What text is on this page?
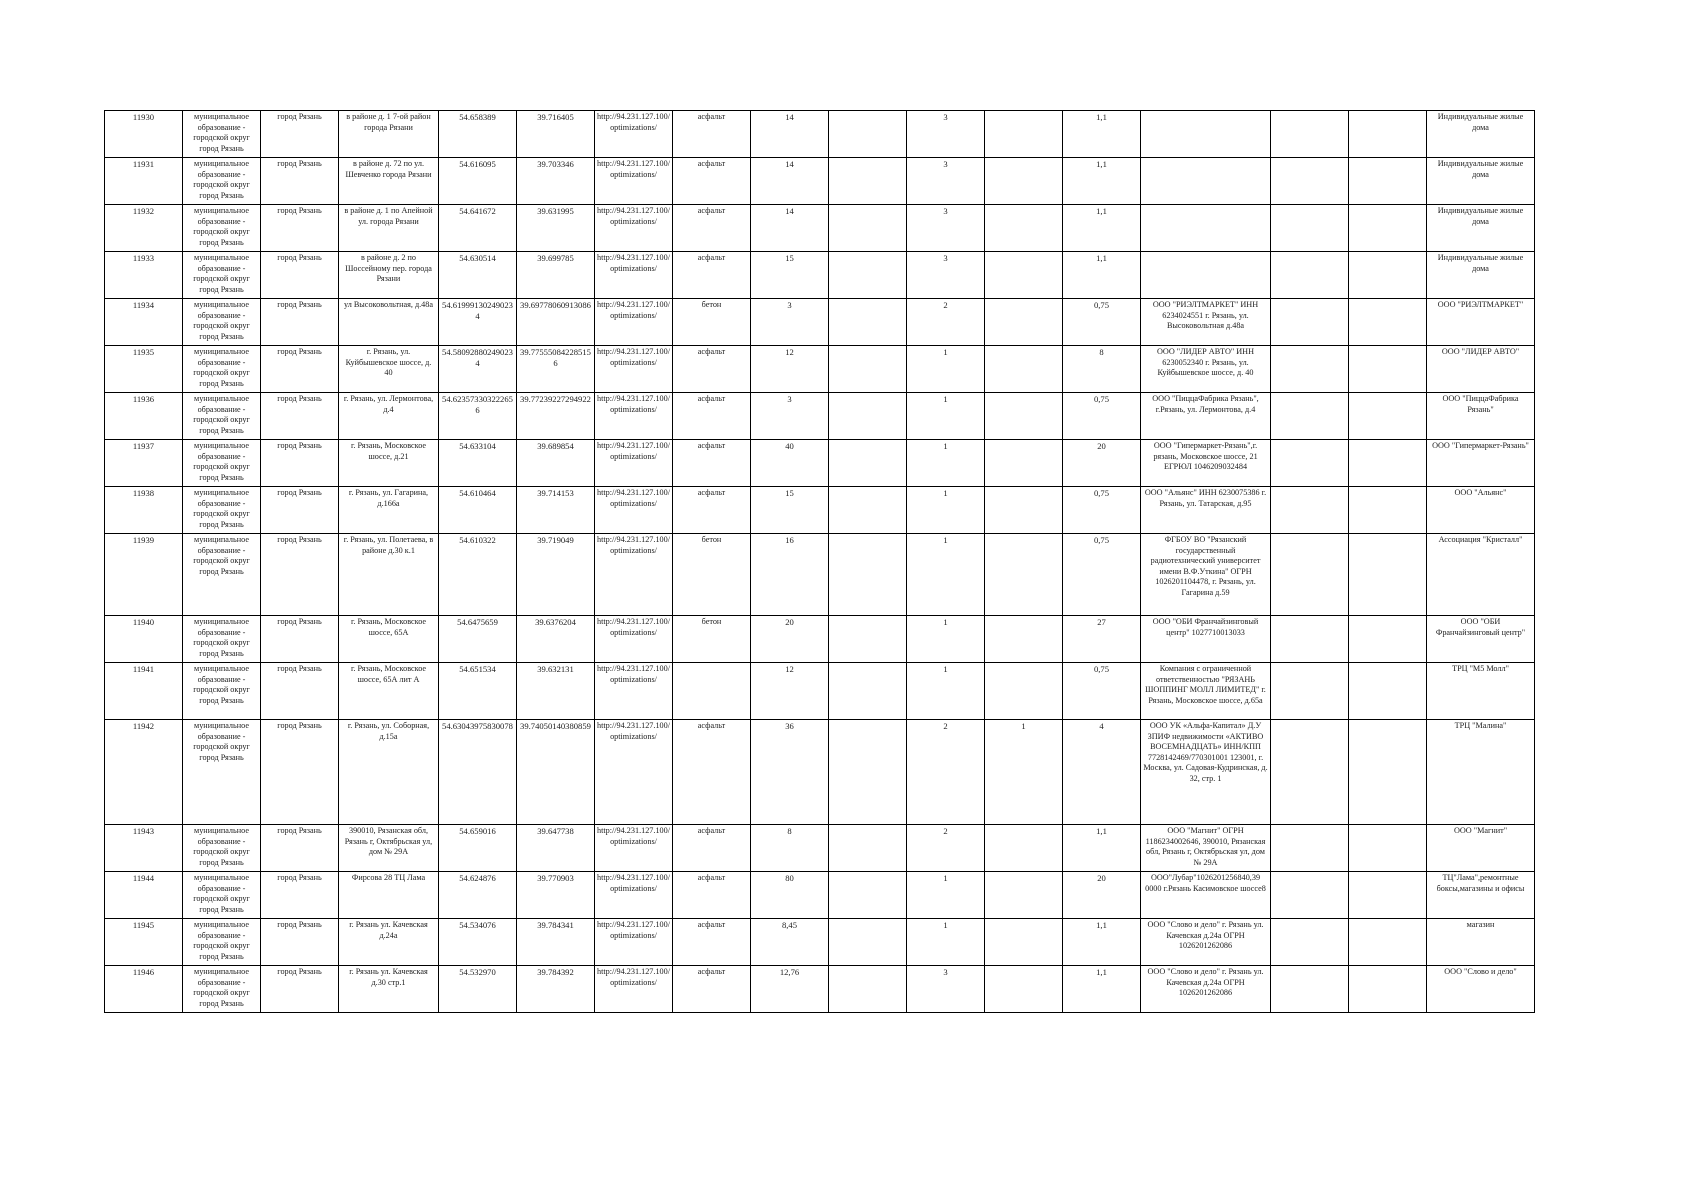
11930	муниципальное образование - городской округ город Рязань	город Рязань	в районе д. 1 7-ой район города Рязани	54.658389	39.716405	http://94.231.127.100/optimizations/	асфальт	14		3		1,1				Индивидуальные жилые дома
11931	муниципальное образование - городской округ город Рязань	город Рязань	в районе д. 72 по ул. Шевченко города Рязани	54.616095	39.703346	http://94.231.127.100/optimizations/	асфальт	14		3		1,1				Индивидуальные жилые дома
11932	муниципальное образование - городской округ город Рязань	город Рязань	в районе д. 1 по Апейной ул. города Рязани	54.641672	39.631995	http://94.231.127.100/optimizations/	асфальт	14		3		1,1				Индивидуальные жилые дома
11933	муниципальное образование - городской округ город Рязань	город Рязань	в районе д. 2 по Шоссейному пер. города Рязани	54.630514	39.699785	http://94.231.127.100/optimizations/	асфальт	15		3		1,1				Индивидуальные жилые дома
11934	муниципальное образование - городской округ город Рязань	город Рязань	ул Высоковольтная, д.48а	54.619991302490234	39.69778060913086	http://94.231.127.100/optimizations/	бетон	3		2		0,75	ООО "РИЭЛТМАРКЕТ" ИНН 6234024551 г. Рязань, ул. Высоковольтная д.48а			ООО "РИЭЛТМАРКЕТ"
11935	муниципальное образование - городской округ город Рязань	город Рязань	г. Рязань, ул. Куйбышевское шоссе, д. 40	54.580928802490234	39.775550842285156	http://94.231.127.100/optimizations/	асфальт	12		1		8	ООО "ЛИДЕР АВТО" ИНН 6230052340 г. Рязань, ул. Куйбышевское шоссе, д. 40			ООО "ЛИДЕР АВТО"
11936	муниципальное образование - городской округ город Рязань	город Рязань	г. Рязань, ул. Лермонтова, д.4	54.623573303222656	39.77239227294922	http://94.231.127.100/optimizations/	асфальт	3		1		0,75	ООО "ПиццаФабрика Рязань", г.Рязань, ул. Лермонтова, д.4			ООО "ПиццаФабрика Рязань"
11937	муниципальное образование - городской округ город Рязань	город Рязань	г. Рязань, Московское шоссе, д.21	54.633104	39.689854	http://94.231.127.100/optimizations/	асфальт	40		1		20	ООО "Гипермаркет-Рязань",г. рязань, Московское шоссе, 21 ЕГРЮЛ 1046209032484			ООО "Гипермаркет-Рязань"
11938	муниципальное образование - городской округ город Рязань	город Рязань	г. Рязань, ул. Гагарина, д.166а	54.610464	39.714153	http://94.231.127.100/optimizations/	асфальт	15		1		0,75	ООО "Альянс" ИНН 6230075386 г. Рязань, ул. Татарская, д.95			ООО "Альянс"
11939	муниципальное образование - городской округ город Рязань	город Рязань	г. Рязань, ул. Полетаева, в районе д.30 к.1	54.610322	39.719049	http://94.231.127.100/optimizations/	бетон	16		1		0,75	ФГБОУ ВО "Рязанский государственный радиотехнический университет имени В.Ф.Уткина" ОГРН 1026201104478, г. Рязань, ул. Гагарина д.59			Ассоциация "Кристалл"
11940	муниципальное образование - городской округ город Рязань	город Рязань	г. Рязань, Московское шоссе, 65А	54.6475659	39.6376204	http://94.231.127.100/optimizations/	бетон	20		1		27	ООО "ОБИ Франчайзинговый центр" 1027710013033			ООО "ОБИ Франчайзинговый центр"
11941	муниципальное образование - городской округ город Рязань	город Рязань	г. Рязань, Московское шоссе, 65А лит А	54.651534	39.632131	http://94.231.127.100/optimizations/		12		1		0,75	Компания с ограниченной ответственностью "РЯЗАНЬ ШОППИНГ МОЛЛ ЛИМИТЕД" г. Рязань, Московское шоссе, д.65а			ТРЦ "М5 Молл"
11942	муниципальное образование - городской округ город Рязань	город Рязань	г. Рязань, ул. Соборная, д.15а	54.63043975830078	39.74050140380859	http://94.231.127.100/optimizations/	асфальт	36		2	1	4	ООО УК «Альфа-Капитал» Д.У ЗПИФ недвижимости «АКТИВО ВОСЕМНАДЦАТЬ» ИНН/КПП 7728142469/770301001 123001, г. Москва, ул. Садовая-Кудринская, д. 32, стр. 1			ТРЦ "Малина"
11943	муниципальное образование - городской округ город Рязань	город Рязань	390010, Рязанская обл, Рязань г, Октябрьская ул, дом № 29А	54.659016	39.647738	http://94.231.127.100/optimizations/	асфальт	8		2		1,1	ООО "Магнит" ОГРН 1186234002646, 390010, Рязанская обл, Рязань г, Октябрьская ул, дом № 29А			ООО "Магнит"
11944	муниципальное образование - городской округ город Рязань	город Рязань	Фирсова 28 ТЦ Лама	54.624876	39.770903	http://94.231.127.100/optimizations/	асфальт	80		1		20	ООО"Лубар"1026201256840,39 0000 г.Рязань Касимовское шоссе8			ТЦ"Лама",ремонтные боксы,магазины и офисы
11945	муниципальное образование - городской округ город Рязань	город Рязань	г. Рязань ул. Качевская д.24а	54.534076	39.784341	http://94.231.127.100/optimizations/	асфальт	8,45		1		1,1	ООО "Слово и дело" г. Рязань ул. Качевская д.24а ОГРН 1026201262086			магазин
11946	муниципальное образование - городской округ город Рязань	город Рязань	г. Рязань ул. Качевская д.30 стр.1	54.532970	39.784392	http://94.231.127.100/optimizations/	асфальт	12,76		3		1,1	ООО "Слово и дело" г. Рязань ул. Качевская д.24а ОГРН 1026201262086			ООО "Слово и дело"
